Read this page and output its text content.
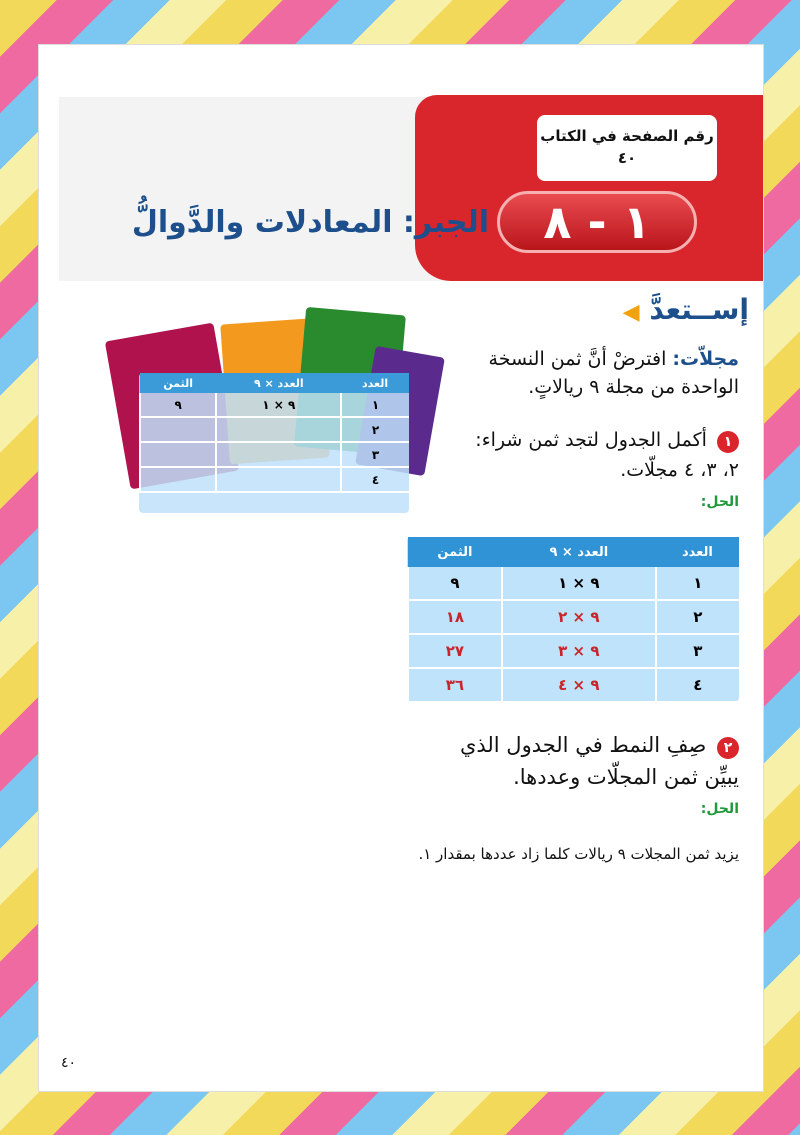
رقم الصفحة في الكتاب
٤٠
١ - ٨
الجبر: المعادلات والدَّوالُّ
إســتعدَّ ◀
العدد	العدد × ٩	الثمن
١	٩ × ١	٩
٢		
٣		
٤		
مجلاّت: افترضْ أنَّ ثمن النسخة الواحدة من مجلة ٩ ريالاتٍ.
١ أكمل الجدول لتجد ثمن شراء: ٢، ٣، ٤ مجلّات.
الحل:
العدد	العدد × ٩	الثمن
١	٩ × ١	٩
٢	٩ × ٢	١٨
٣	٩ × ٣	٢٧
٤	٩ × ٤	٣٦
٢ صِفِ النمط في الجدول الذي يبيِّن ثمن المجلّات وعددها.
الحل:
يزيد ثمن المجلات ٩ ريالات كلما زاد عددها بمقدار ١.
٤٠
